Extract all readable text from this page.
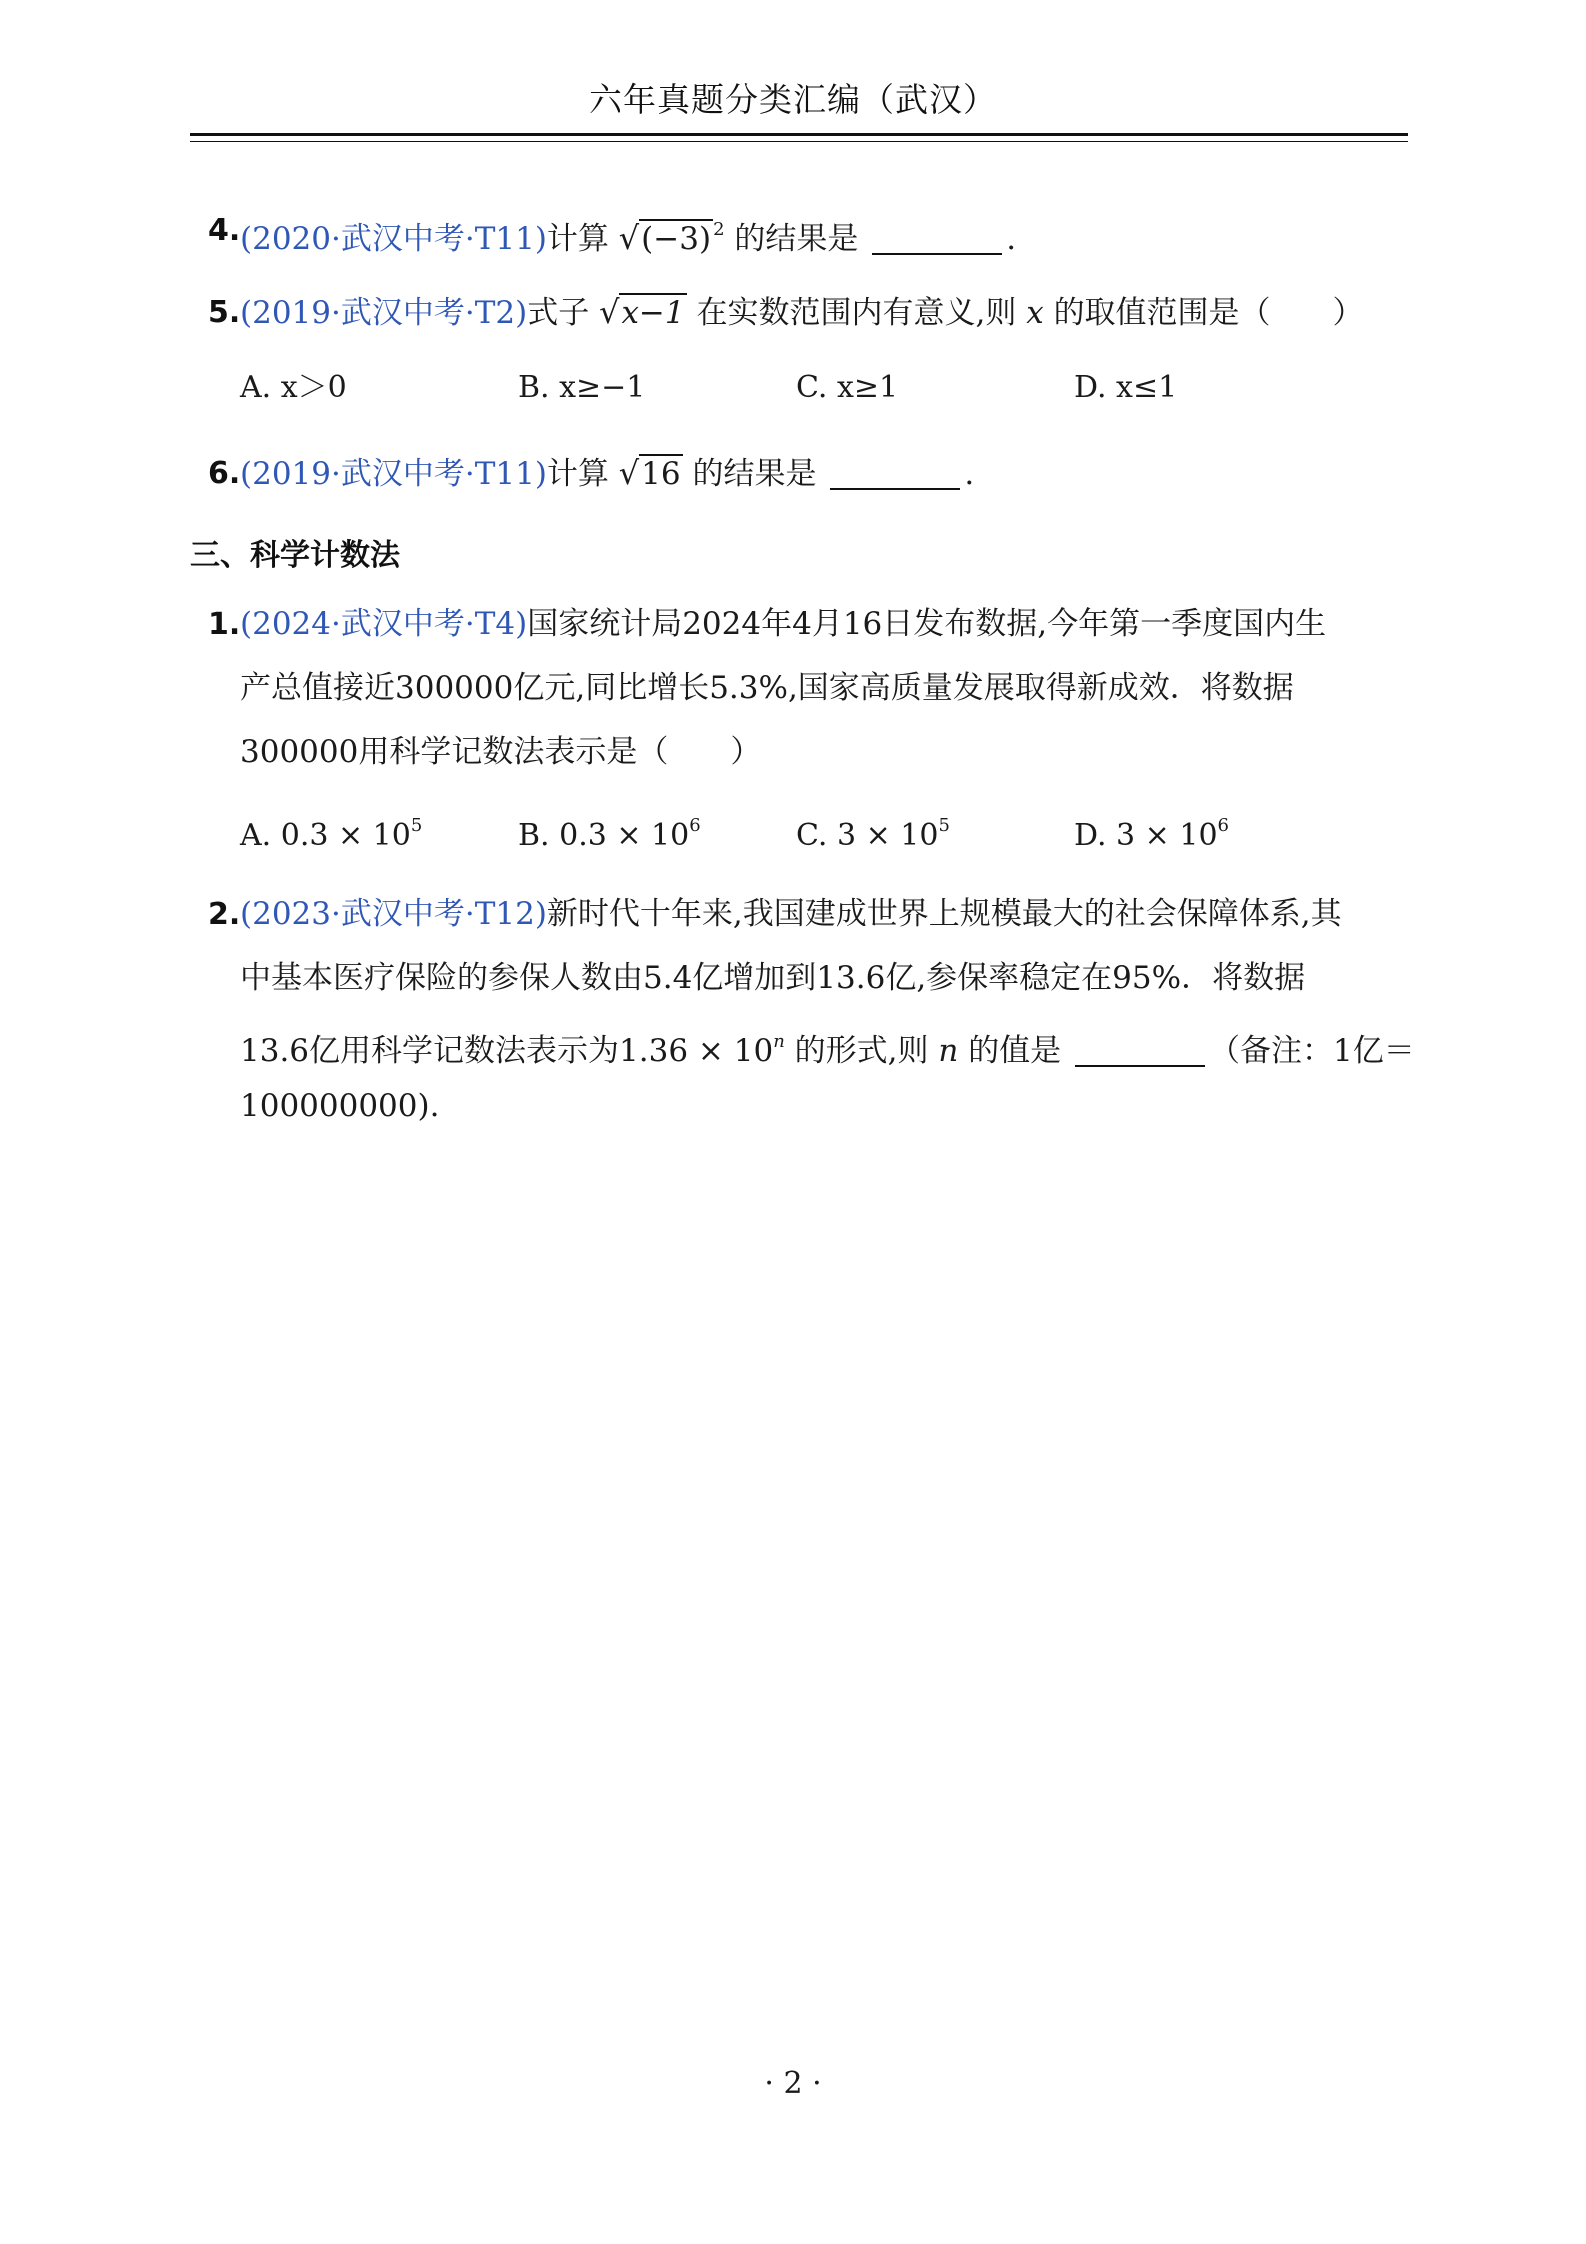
六年真题分类汇编（武汉）
4. (2020·武汉中考·T11)计算 √(−3) $^2$ 的结果是	.
5. (2019·武汉中考·T2)式子 √x−1 在实数范围内有意义,则 x 的取值范围是（　　）
A. x＞0	B. x≥−1	C. x≥1	D. x≤1
6. (2019·武汉中考·T11)计算 √16 的结果是	.
三、科学计数法
1. (2024·武汉中考·T4)国家统计局2024年4月16日发布数据,今年第一季度国内生
产总值接近300000亿元,同比增长5.3%,国家高质量发展取得新成效．将数据
300000用科学记数法表示是（　　）
A. $0.3 \times 10^5$	B. $0.3 \times 10^6$	C. $3 \times 10^5$	D. $3 \times 10^6$
2. (2023·武汉中考·T12)新时代十年来,我国建成世界上规模最大的社会保障体系,其
中基本医疗保险的参保人数由5.4亿增加到13.6亿,参保率稳定在95%．将数据
13.6亿用科学记数法表示为$1.36 \times 10^n$ 的形式,则 n 的值是	（备注：1亿＝
100000000).
· 2 ·
